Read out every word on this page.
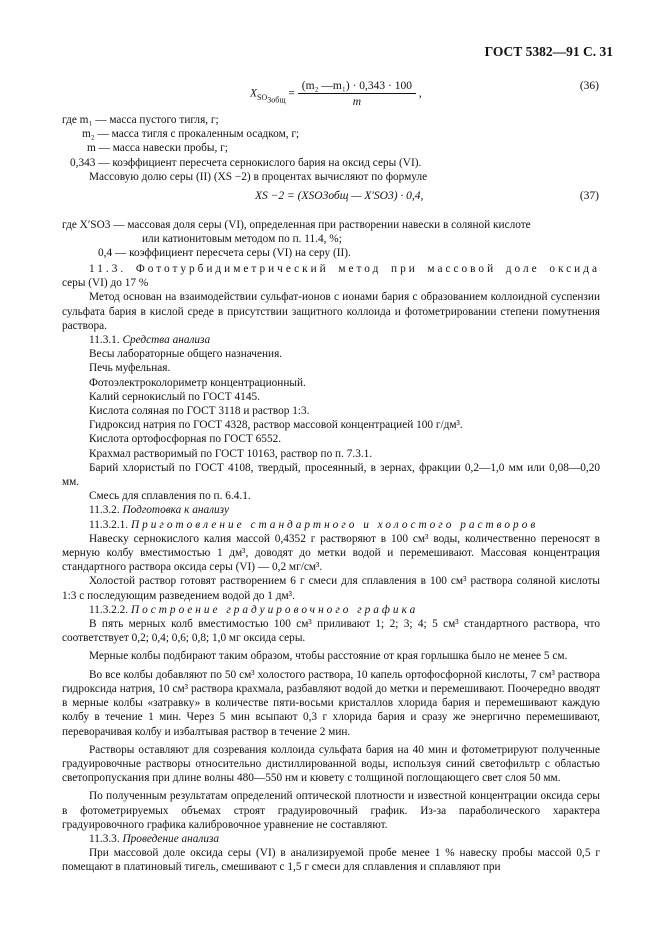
ГОСТ 5382—91 С. 31
$X_{SO_{3общ}} = \frac{\text{(m₂ —m₁) · 0,343 · 100}}{m}$ ,
(36)
где m₁ — масса пустого тигля, г;
m₂ — масса тигля с прокаленным осадком, г;
m — масса навески пробы, г;
0,343 — коэффициент пересчета сернокислого бария на оксид серы (VI).
Массовую долю серы (II) (XS −2) в процентах вычисляют по формуле
XS −2 = (XSO3общ — X′SO3) · 0,4,	(37)
где X′SO3 — массовая доля серы (VI), определенная при растворении навески в соляной кислоте
или катионитовым методом по п. 11.4, %;
0,4 — коэффициент пересчета серы (VI) на серу (II).
11.3. Фототурбидиметрический метод при массовой доле оксида
серы (VI) до 17 %
Метод основан на взаимодействии сульфат-ионов с ионами бария с образованием коллоидной суспензии сульфата бария в кислой среде в присутствии защитного коллоида и фотометрировании степени помутнения раствора.
11.3.1. Средства анализа
Весы лабораторные общего назначения.
Печь муфельная.
Фотоэлектроколориметр концентрационный.
Калий сернокислый по ГОСТ 4145.
Кислота соляная по ГОСТ 3118 и раствор 1:3.
Гидроксид натрия по ГОСТ 4328, раствор массовой концентрацией 100 г/дм³.
Кислота ортофосфорная по ГОСТ 6552.
Крахмал растворимый по ГОСТ 10163, раствор по п. 7.3.1.
Барий хлористый по ГОСТ 4108, твердый, просеянный, в зернах, фракции 0,2—1,0 мм или 0,08—0,20 мм.
Смесь для сплавления по п. 6.4.1.
11.3.2. Подготовка к анализу
11.3.2.1. Приготовление стандартного и холостого растворов
Навеску сернокислого калия массой 0,4352 г растворяют в 100 см³ воды, количественно переносят в мерную колбу вместимостью 1 дм³, доводят до метки водой и перемешивают. Массовая концентрация стандартного раствора оксида серы (VI) — 0,2 мг/см³.
Холостой раствор готовят растворением 6 г смеси для сплавления в 100 см³ раствора соляной кислоты 1:3 с последующим разведением водой до 1 дм³.
11.3.2.2. Построение градуировочного графика
В пять мерных колб вместимостью 100 см³ приливают 1; 2; 3; 4; 5 см³ стандартного раствора, что соответствует 0,2; 0,4; 0,6; 0,8; 1,0 мг оксида серы.
Мерные колбы подбирают таким образом, чтобы расстояние от края горлышка было не менее 5 см.
Во все колбы добавляют по 50 см³ холостого раствора, 10 капель ортофосфорной кислоты, 7 см³ раствора гидроксида натрия, 10 см³ раствора крахмала, разбавляют водой до метки и перемешивают. Поочередно вводят в мерные колбы «затравку» в количестве пяти-восьми кристаллов хлорида бария и перемешивают каждую колбу в течение 1 мин. Через 5 мин всыпают 0,3 г хлорида бария и сразу же энергично перемешивают, переворачивая колбу и избалтывая раствор в течение 2 мин.
Растворы оставляют для созревания коллоида сульфата бария на 40 мин и фотометрируют полученные градуировочные растворы относительно дистиллированной воды, используя синий светофильтр с областью светопропускания при длине волны 480—550 нм и кювету с толщиной поглощающего свет слоя 50 мм.
По полученным результатам определений оптической плотности и известной концентрации оксида серы в фотометрируемых объемах строят градуировочный график. Из-за параболического характера градуировочного графика калибровочное уравнение не составляют.
11.3.3. Проведение анализа
При массовой доле оксида серы (VI) в анализируемой пробе менее 1 % навеску пробы массой 0,5 г помещают в платиновый тигель, смешивают с 1,5 г смеси для сплавления и сплавляют при
